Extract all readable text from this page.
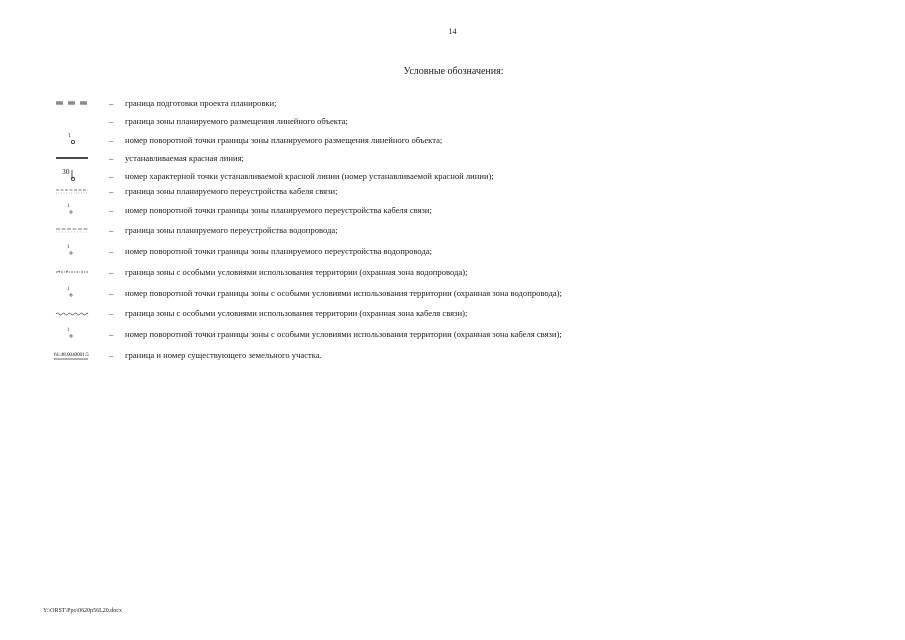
14
Условные обозначения:
– граница подготовки проекта планировки;
– граница зоны планируемого размещения линейного объекта;
1	– номер поворотной точки границы зоны планируемого размещения линейного объекта;
– устанавливаемая красная линия;
30	– номер характерной точки устанавливаемой красной линии (номер устанавливаемой красной линии);
– граница зоны планируемого переустройства кабеля связи;
1	– номер поворотной точки границы зоны планируемого переустройства кабеля связи;
– граница зоны планируемого переустройства водопровода;
1	– номер поворотной точки границы зоны планируемого переустройства водопровода;
– граница зоны с особыми условиями использования территории (охранная зона водопровода);
1	– номер поворотной точки границы зоны с особыми условиями использования территории (охранная зона водопровода);
– граница зоны с особыми условиями использования территории (охранная зона кабеля связи);
1	– номер поворотной точки границы зоны с особыми условиями использования территории (охранная зона кабеля связи);
61:48:0040001:5 – граница и номер существующего земельного участка.
Y:\ORST\Ppo\0620p56L20.docx
